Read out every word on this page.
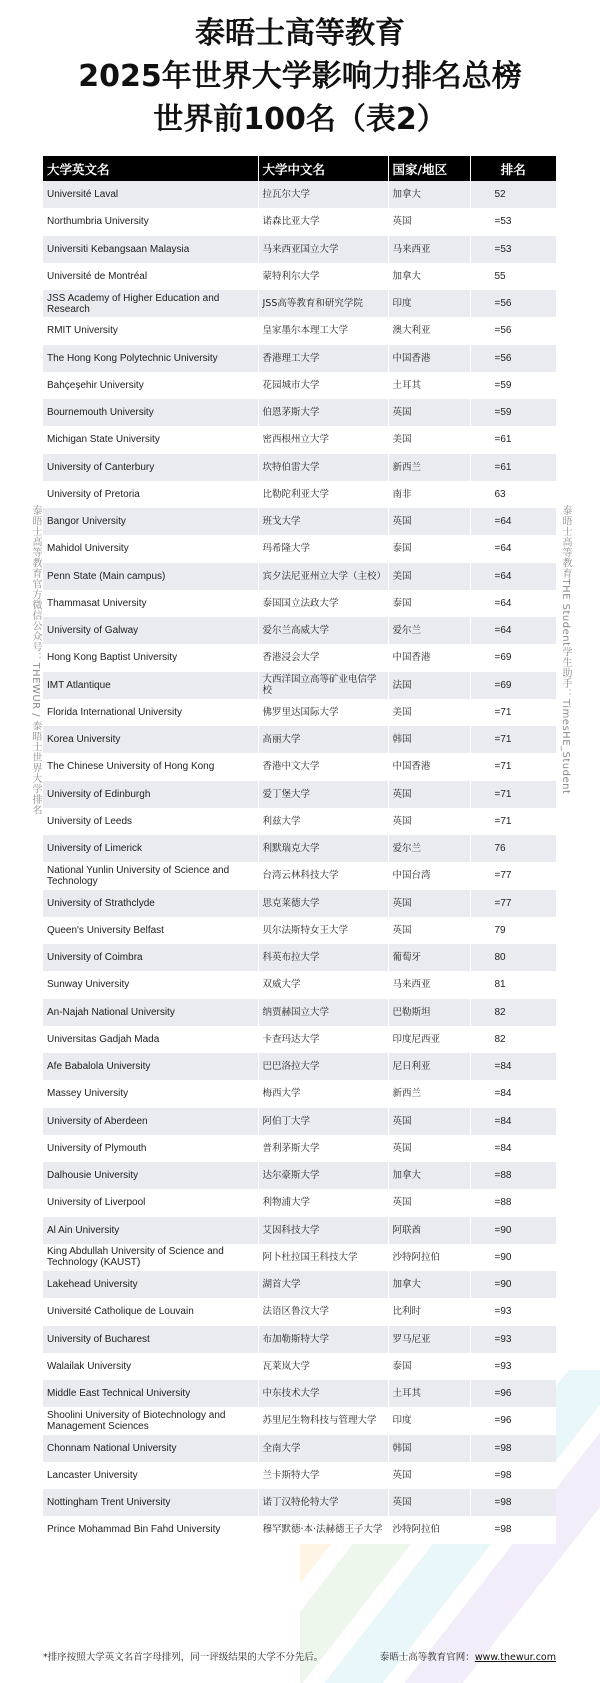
泰晤士高等教育
2025年世界大学影响力排名总榜
世界前100名（表2）
泰晤士高等教育官方微信公众号：THEWUR / 泰晤士世界大学排名	泰晤士高等教育THE Student学生助手：TimesHE_Student
大学英文名	大学中文名	国家/地区	排名
Université Laval	拉瓦尔大学	加拿大	52
Northumbria University	诺森比亚大学	英国	=53
Universiti Kebangsaan Malaysia	马来西亚国立大学	马来西亚	=53
Université de Montréal	蒙特利尔大学	加拿大	55
JSS Academy of Higher Education and Research	JSS高等教育和研究学院	印度	=56
RMIT University	皇家墨尔本理工大学	澳大利亚	=56
The Hong Kong Polytechnic University	香港理工大学	中国香港	=56
Bahçeşehir University	花园城市大学	土耳其	=59
Bournemouth University	伯恩茅斯大学	英国	=59
Michigan State University	密西根州立大学	美国	=61
University of Canterbury	坎特伯雷大学	新西兰	=61
University of Pretoria	比勒陀利亚大学	南非	63
Bangor University	班戈大学	英国	=64
Mahidol University	玛希隆大学	泰国	=64
Penn State (Main campus)	宾夕法尼亚州立大学（主校）	美国	=64
Thammasat University	泰国国立法政大学	泰国	=64
University of Galway	爱尔兰高威大学	爱尔兰	=64
Hong Kong Baptist University	香港浸会大学	中国香港	=69
IMT Atlantique	大西洋国立高等矿业电信学校	法国	=69
Florida International University	佛罗里达国际大学	美国	=71
Korea University	高丽大学	韩国	=71
The Chinese University of Hong Kong	香港中文大学	中国香港	=71
University of Edinburgh	爱丁堡大学	英国	=71
University of Leeds	利兹大学	英国	=71
University of Limerick	利默瑞克大学	爱尔兰	76
National Yunlin University of Science and Technology	台湾云林科技大学	中国台湾	=77
University of Strathclyde	思克莱德大学	英国	=77
Queen's University Belfast	贝尔法斯特女王大学	英国	79
University of Coimbra	科英布拉大学	葡萄牙	80
Sunway University	双威大学	马来西亚	81
An-Najah National University	纳贾赫国立大学	巴勒斯坦	82
Universitas Gadjah Mada	卡查玛达大学	印度尼西亚	82
Afe Babalola University	巴巴洛拉大学	尼日利亚	=84
Massey University	梅西大学	新西兰	=84
University of Aberdeen	阿伯丁大学	英国	=84
University of Plymouth	普利茅斯大学	英国	=84
Dalhousie University	达尔豪斯大学	加拿大	=88
University of Liverpool	利物浦大学	英国	=88
Al Ain University	艾因科技大学	阿联酋	=90
King Abdullah University of Science and Technology (KAUST)	阿卜杜拉国王科技大学	沙特阿拉伯	=90
Lakehead University	湖首大学	加拿大	=90
Université Catholique de Louvain	法语区鲁汶大学	比利时	=93
University of Bucharest	布加勒斯特大学	罗马尼亚	=93
Walailak University	瓦莱岚大学	泰国	=93
Middle East Technical University	中东技术大学	土耳其	=96
Shoolini University of Biotechnology and Management Sciences	苏里尼生物科技与管理大学	印度	=96
Chonnam National University	全南大学	韩国	=98
Lancaster University	兰卡斯特大学	英国	=98
Nottingham Trent University	诺丁汉特伦特大学	英国	=98
Prince Mohammad Bin Fahd University	穆罕默德·本·法赫德王子大学	沙特阿拉伯	=98
*排序按照大学英文名首字母排列，同一评级结果的大学不分先后。	泰晤士高等教育官网：www.thewur.com
